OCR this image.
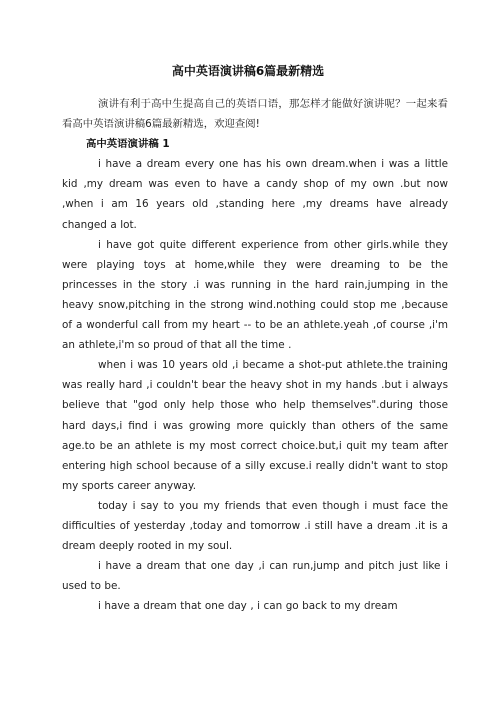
高中英语演讲稿6篇最新精选

演讲有利于高中生提高自己的英语口语，那怎样才能做好演讲呢？一起来看看高中英语演讲稿6篇最新精选，欢迎查阅!

高中英语演讲稿 1

i have a dream every one has his own dream.when i was a little kid ,my dream was even to have a candy shop of my own .but now ,when i am 16 years old ,standing here ,my dreams have already changed a lot.

i have got quite different experience from other girls.while they were playing toys at home,while they were dreaming to be the princesses in the story .i was running in the hard rain,jumping in the heavy snow,pitching in the strong wind.nothing could stop me ,because of a wonderful call from my heart -- to be an athlete.yeah ,of course ,i'm an athlete,i'm so proud of that all the time .

when i was 10 years old ,i became a shot-put athlete.the training was really hard ,i couldn't bear the heavy shot in my hands .but i always believe that "god only help those who help themselves".during those hard days,i find i was growing more quickly than others of the same age.to be an athlete is my most correct choice.but,i quit my team after entering high school because of a silly excuse.i really didn't want to stop my sports career anyway.

today i say to you my friends that even though i must face the difficulties of yesterday ,today and tomorrow .i still have a dream .it is a dream deeply rooted in my soul.

i have a dream that one day ,i can run,jump and pitch just like i used to be.

i have a dream that one day , i can go back to my dream
